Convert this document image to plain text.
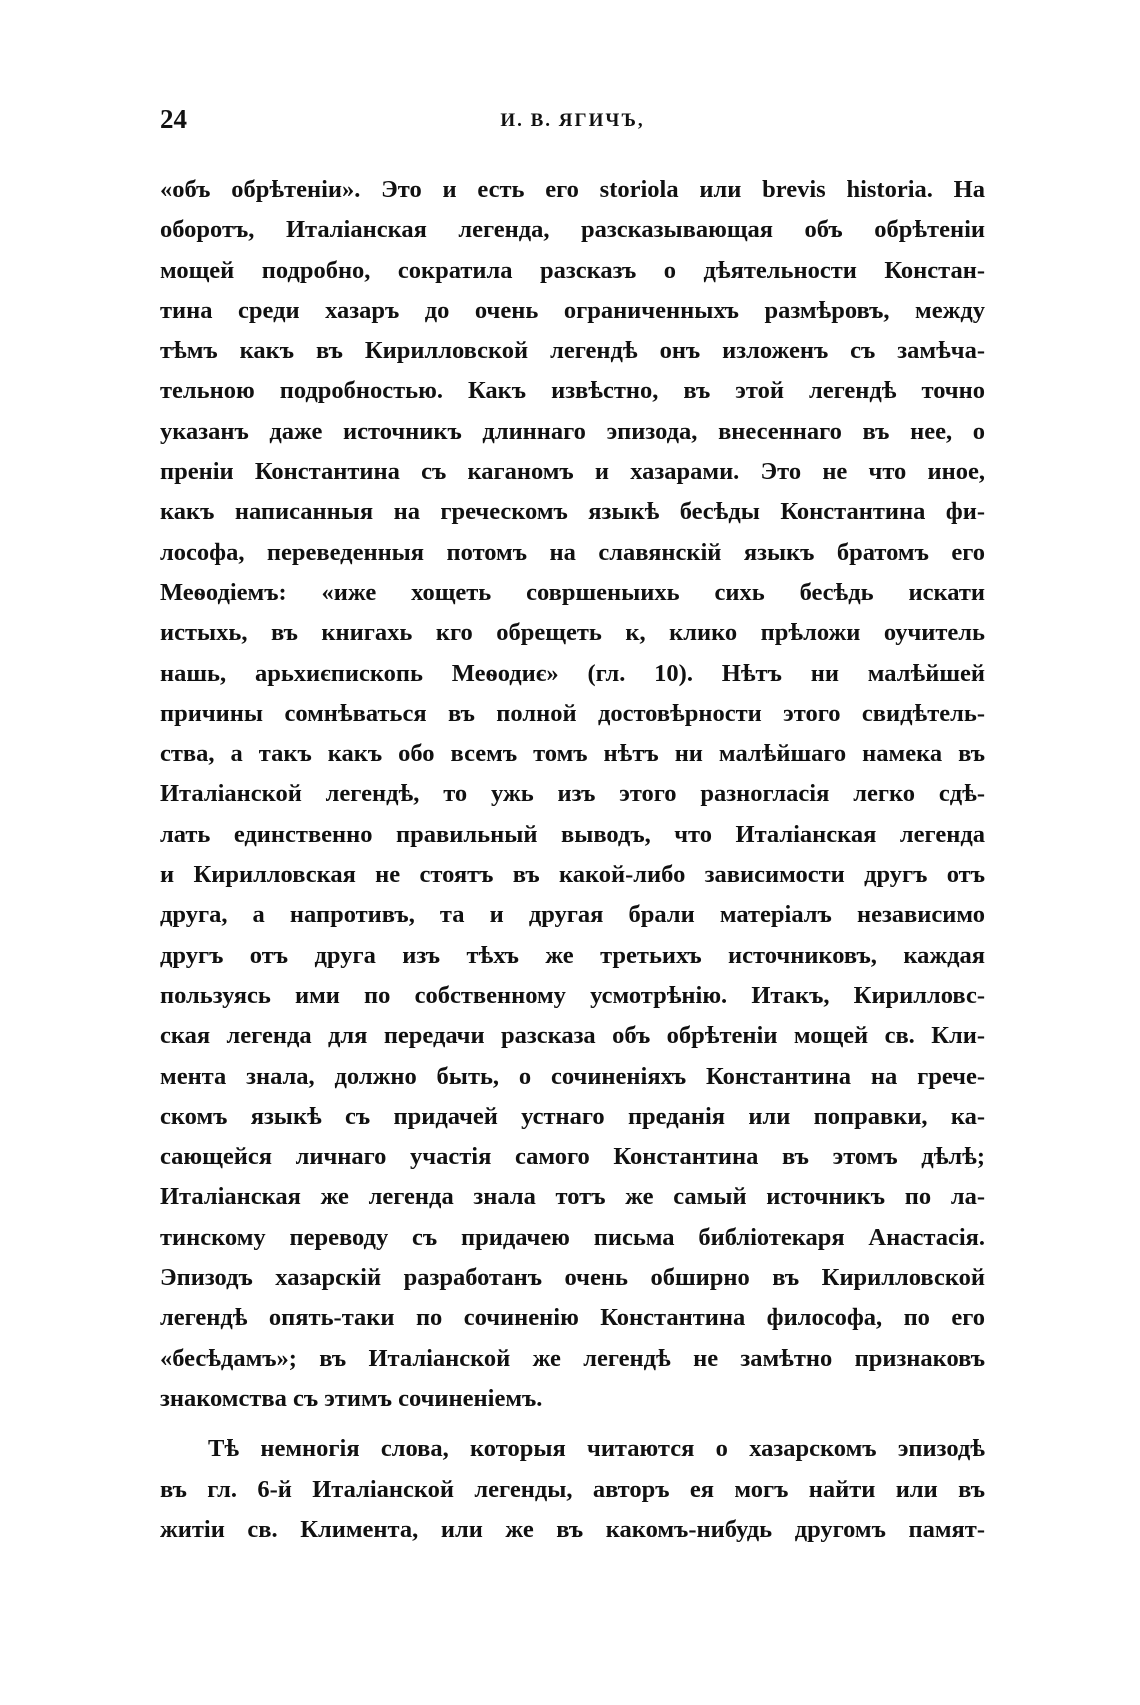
24	И. В. ЯГИЧЪ,
«объ обрѣтеніи». Это и есть его storiola или brevis historia. На
оборотъ, Италіанская легенда, разсказывающая объ обрѣтеніи
мощей подробно, сократила разсказъ о дѣятельности Констан-
тина среди хазаръ до очень ограниченныхъ размѣровъ, между
тѣмъ какъ въ Кирилловской легендѣ онъ изложенъ съ замѣча-
тельною подробностью. Какъ извѣстно, въ этой легендѣ точно
указанъ даже источникъ длиннаго эпизода, внесеннаго въ нее, о
преніи Константина съ каганомъ и хазарами. Это не что иное,
какъ написанныя на греческомъ языкѣ бесѣды Константина фи-
лософа, переведенныя потомъ на славянскій языкъ братомъ его
Меѳодіемъ: «иже хощеть совршеныихь сихь бесѣдь искати
истыхь, въ книгахь кго обрещеть к, клико прѣложи оучитель
нашь, арьхиєпископь Меѳодиє» (гл. 10). Нѣтъ ни малѣйшей
причины сомнѣваться въ полной достовѣрности этого свидѣтель-
ства, а такъ какъ обо всемъ томъ нѣтъ ни малѣйшаго намека въ
Италіанской легендѣ, то ужь изъ этого разногласія легко сдѣ-
лать единственно правильный выводъ, что Италіанская легенда
и Кирилловская не стоятъ въ какой-либо зависимости другъ отъ
друга, а напротивъ, та и другая брали матеріалъ независимо
другъ отъ друга изъ тѣхъ же третьихъ источниковъ, каждая
пользуясь ими по собственному усмотрѣнію. Итакъ, Кирилловс-
ская легенда для передачи разсказа объ обрѣтеніи мощей св. Кли-
мента знала, должно быть, о сочиненіяхъ Константина на грече-
скомъ языкѣ съ придачей устнаго преданія или поправки, ка-
сающейся личнаго участія самого Константина въ этомъ дѣлѣ;
Италіанская же легенда знала тотъ же самый источникъ по ла-
тинскому переводу съ придачею письма библіотекаря Анастасія.
Эпизодъ хазарскій разработанъ очень обширно въ Кирилловской
легендѣ опять-таки по сочиненію Константина философа, по его
«бесѣдамъ»; въ Италіанской же легендѣ не замѣтно признаковъ
знакомства съ этимъ сочиненіемъ.
Тѣ немногія слова, которыя читаются о хазарскомъ эпизодѣ
въ гл. 6-й Италіанской легенды, авторъ ея могъ найти или въ
житіи св. Климента, или же въ какомъ-нибудь другомъ памят-
